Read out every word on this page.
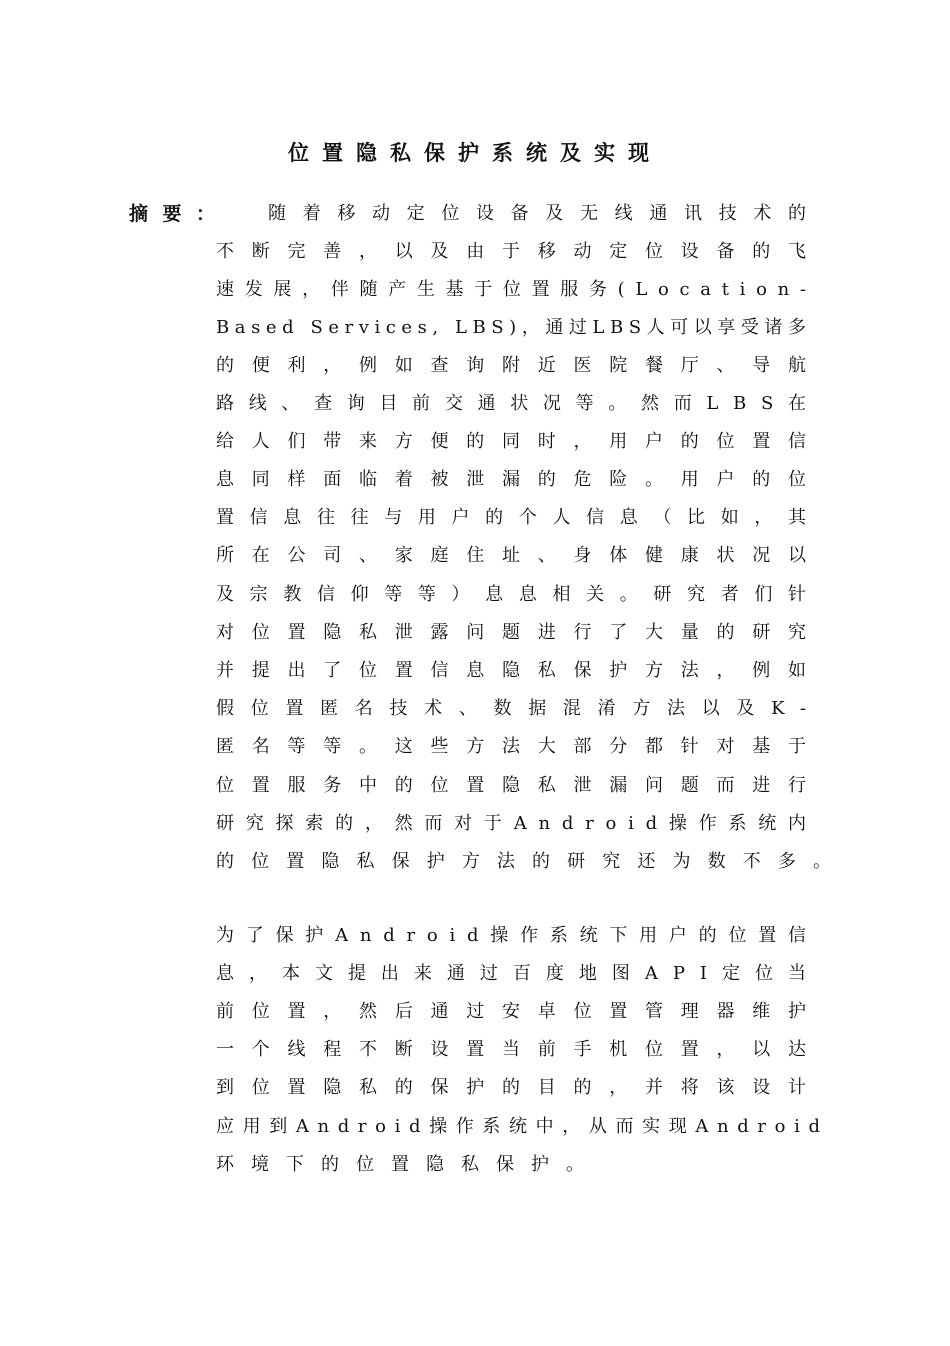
位置隐私保护系统及实现
摘 要 ：	随着移动定位设备及无线通讯技术的
不断完善，以及由于移动定位设备的飞
速发展，伴随产生基于位置服务(Location-
Based Services, LBS)，通过LBS人可以享受诸多
的便利，例如查询附近医院餐厅、导航
路线、查询目前交通状况等。然而LBS在
给人们带来方便的同时，用户的位置信
息同样面临着被泄漏的危险。用户的位
置信息往往与用户的个人信息（比如，其
所在公司、家庭住址、身体健康状况以
及宗教信仰等等）息息相关。研究者们针
对位置隐私泄露问题进行了大量的研究
并提出了位置信息隐私保护方法，例如
假位置匿名技术、数据混淆方法以及K-
匿名等等。这些方法大部分都针对基于
位置服务中的位置隐私泄漏问题而进行
研究探索的，然而对于Android操作系统内
的位置隐私保护方法的研究还为数不多。
为了保护Android操作系统下用户的位置信
息，本文提出来通过百度地图API定位当
前位置，然后通过安卓位置管理器维护
一个线程不断设置当前手机位置，以达
到位置隐私的保护的目的，并将该设计
应用到Android操作系统中，从而实现Android
环境下的位置隐私保护。
